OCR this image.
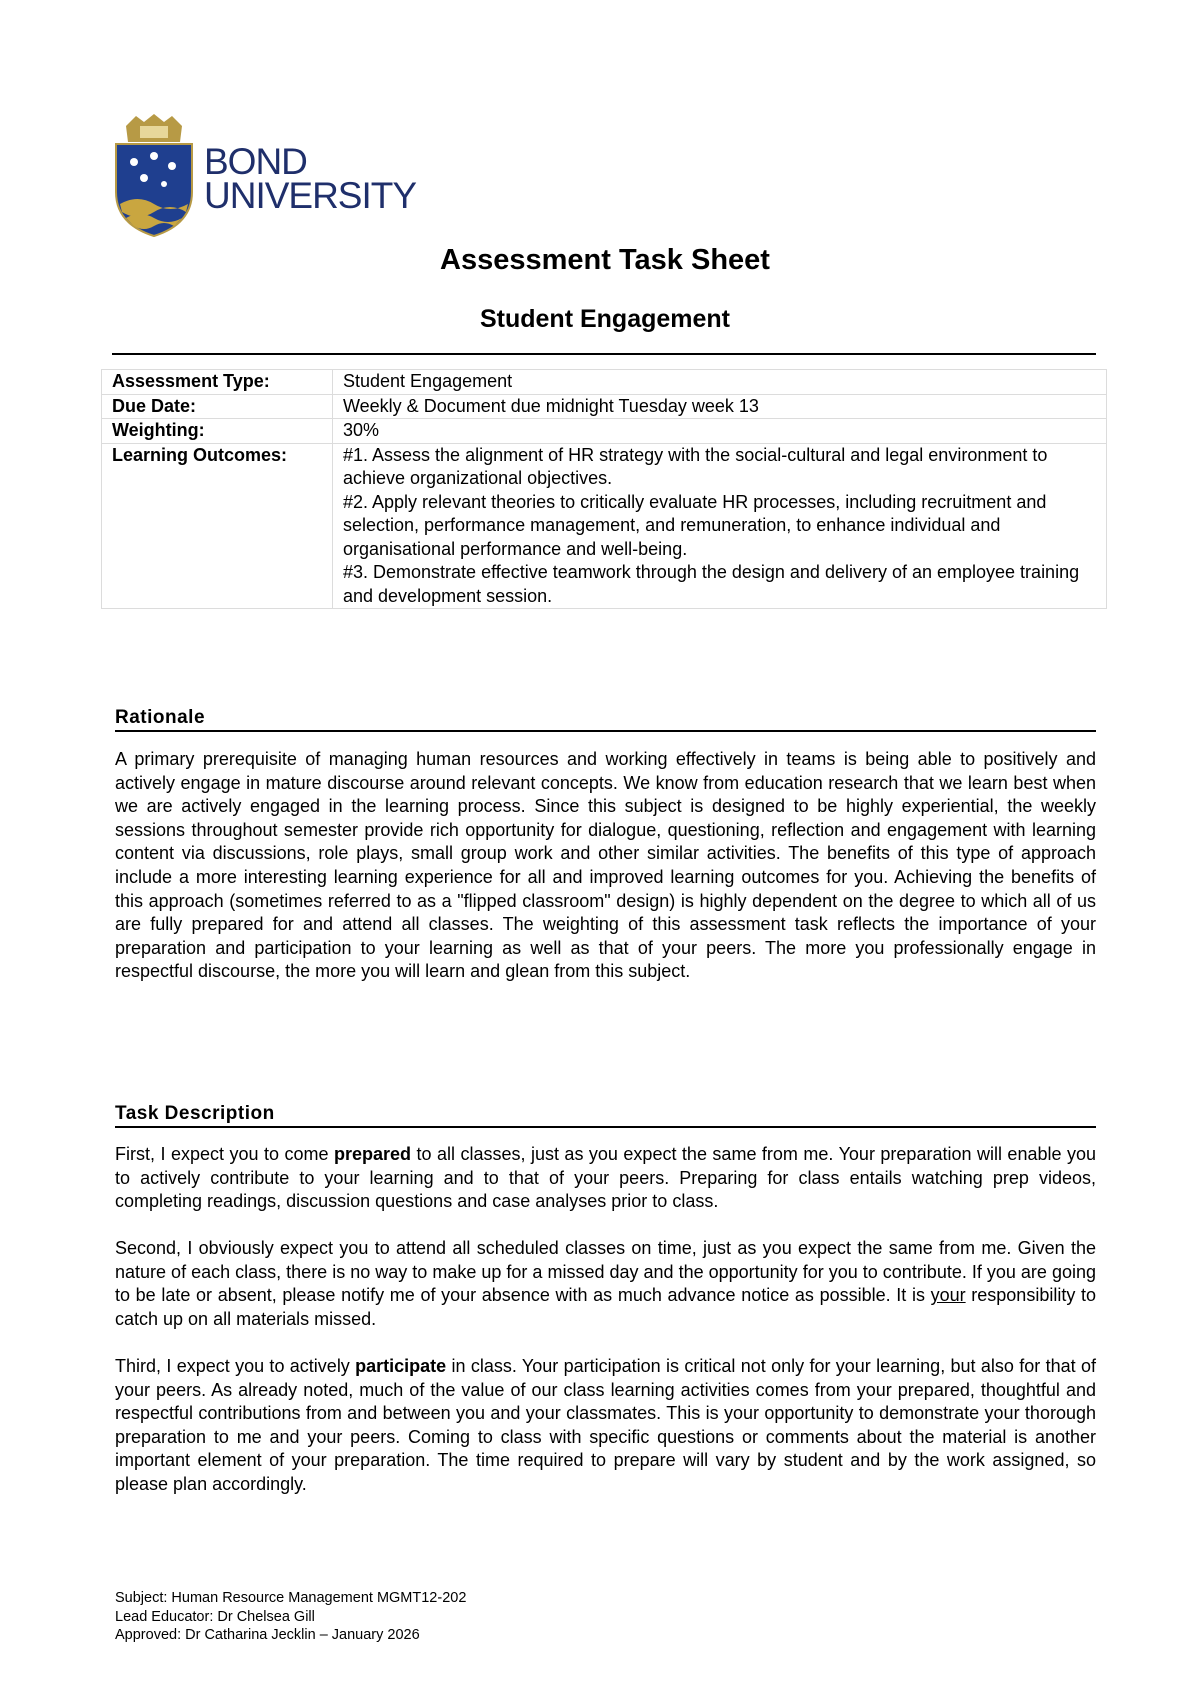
BOND
UNIVERSITY
Assessment Task Sheet
Student Engagement
Assessment Type:	Student Engagement
Due Date:	Weekly & Document due midnight Tuesday week 13
Weighting:	30%
Learning Outcomes:	#1. Assess the alignment of HR strategy with the social-cultural and legal environment to achieve organizational objectives.
#2. Apply relevant theories to critically evaluate HR processes, including recruitment and selection, performance management, and remuneration, to enhance individual and organisational performance and well-being.
#3. Demonstrate effective teamwork through the design and delivery of an employee training and development session.
Rationale

A primary prerequisite of managing human resources and working effectively in teams is being able to positively and actively engage in mature discourse around relevant concepts. We know from education research that we learn best when we are actively engaged in the learning process. Since this subject is designed to be highly experiential, the weekly sessions throughout semester provide rich opportunity for dialogue, questioning, reflection and engagement with learning content via discussions, role plays, small group work and other similar activities. The benefits of this type of approach include a more interesting learning experience for all and improved learning outcomes for you. Achieving the benefits of this approach (sometimes referred to as a "flipped classroom" design) is highly dependent on the degree to which all of us are fully prepared for and attend all classes. The weighting of this assessment task reflects the importance of your preparation and participation to your learning as well as that of your peers. The more you professionally engage in respectful discourse, the more you will learn and glean from this subject.

Task Description

First, I expect you to come prepared to all classes, just as you expect the same from me. Your preparation will enable you to actively contribute to your learning and to that of your peers. Preparing for class entails watching prep videos, completing readings, discussion questions and case analyses prior to class.

Second, I obviously expect you to attend all scheduled classes on time, just as you expect the same from me. Given the nature of each class, there is no way to make up for a missed day and the opportunity for you to contribute. If you are going to be late or absent, please notify me of your absence with as much advance notice as possible. It is your responsibility to catch up on all materials missed.

Third, I expect you to actively participate in class. Your participation is critical not only for your learning, but also for that of your peers. As already noted, much of the value of our class learning activities comes from your prepared, thoughtful and respectful contributions from and between you and your classmates. This is your opportunity to demonstrate your thorough preparation to me and your peers. Coming to class with specific questions or comments about the material is another important element of your preparation. The time required to prepare will vary by student and by the work assigned, so please plan accordingly.

Subject: Human Resource Management MGMT12-202
Lead Educator: Dr Chelsea Gill
Approved: Dr Catharina Jecklin – January 2026
